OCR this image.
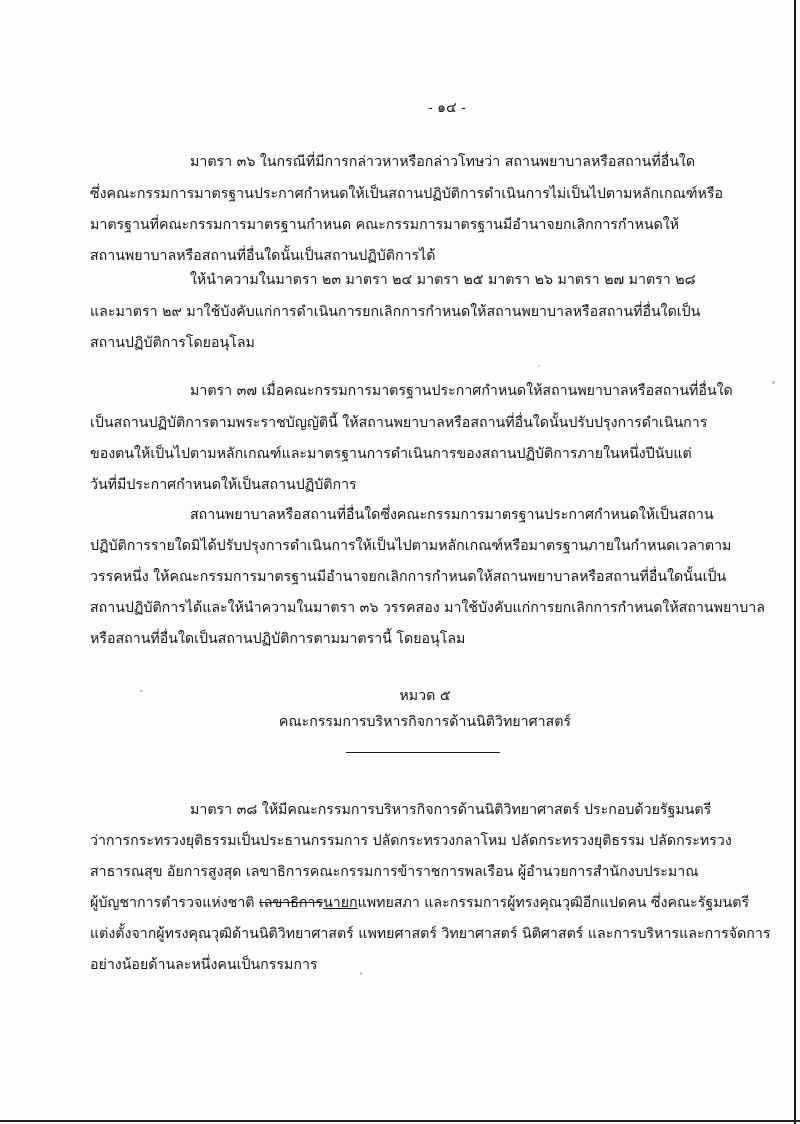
- ๑๔ -
มาตรา ๓๖ ในกรณีที่มีการกล่าวหาหรือกล่าวโทษว่า สถานพยาบาลหรือสถานที่อื่นใด
ซึ่งคณะกรรมการมาตรฐานประกาศกำหนดให้เป็นสถานปฏิบัติการดำเนินการไม่เป็นไปตามหลักเกณฑ์หรือ
มาตรฐานที่คณะกรรมการมาตรฐานกำหนด คณะกรรมการมาตรฐานมีอำนาจยกเลิกการกำหนดให้
สถานพยาบาลหรือสถานที่อื่นใดนั้นเป็นสถานปฏิบัติการได้
ให้นำความในมาตรา ๒๓ มาตรา ๒๔ มาตรา ๒๕ มาตรา ๒๖ มาตรา ๒๗ มาตรา ๒๘
และมาตรา ๒๙ มาใช้บังคับแก่การดำเนินการยกเลิกการกำหนดให้สถานพยาบาลหรือสถานที่อื่นใดเป็น
สถานปฏิบัติการโดยอนุโลม
มาตรา ๓๗ เมื่อคณะกรรมการมาตรฐานประกาศกำหนดให้สถานพยาบาลหรือสถานที่อื่นใด
เป็นสถานปฏิบัติการตามพระราชบัญญัตินี้ ให้สถานพยาบาลหรือสถานที่อื่นใดนั้นปรับปรุงการดำเนินการ
ของตนให้เป็นไปตามหลักเกณฑ์และมาตรฐานการดำเนินการของสถานปฏิบัติการภายในหนึ่งปีนับแต่
วันที่มีประกาศกำหนดให้เป็นสถานปฏิบัติการ
สถานพยาบาลหรือสถานที่อื่นใดซึ่งคณะกรรมการมาตรฐานประกาศกำหนดให้เป็นสถาน
ปฏิบัติการรายใดมิได้ปรับปรุงการดำเนินการให้เป็นไปตามหลักเกณฑ์หรือมาตรฐานภายในกำหนดเวลาตาม
วรรคหนึ่ง ให้คณะกรรมการมาตรฐานมีอำนาจยกเลิกการกำหนดให้สถานพยาบาลหรือสถานที่อื่นใดนั้นเป็น
สถานปฏิบัติการได้และให้นำความในมาตรา ๓๖ วรรคสอง มาใช้บังคับแก่การยกเลิกการกำหนดให้สถานพยาบาล
หรือสถานที่อื่นใดเป็นสถานปฏิบัติการตามมาตรานี้ โดยอนุโลม
หมวด ๕
คณะกรรมการบริหารกิจการด้านนิติวิทยาศาสตร์
มาตรา ๓๘ ให้มีคณะกรรมการบริหารกิจการด้านนิติวิทยาศาสตร์ ประกอบด้วยรัฐมนตรี
ว่าการกระทรวงยุติธรรมเป็นประธานกรรมการ ปลัดกระทรวงกลาโหม ปลัดกระทรวงยุติธรรม ปลัดกระทรวง
สาธารณสุข อัยการสูงสุด เลขาธิการคณะกรรมการข้าราชการพลเรือน ผู้อำนวยการสำนักงบประมาณ
ผู้บัญชาการตำรวจแห่งชาติ เลขาธิการนายกแพทยสภา และกรรมการผู้ทรงคุณวุฒิอีกแปดคน ซึ่งคณะรัฐมนตรี
แต่งตั้งจากผู้ทรงคุณวุฒิด้านนิติวิทยาศาสตร์ แพทยศาสตร์ วิทยาศาสตร์ นิติศาสตร์ และการบริหารและการจัดการ
อย่างน้อยด้านละหนึ่งคนเป็นกรรมการ
